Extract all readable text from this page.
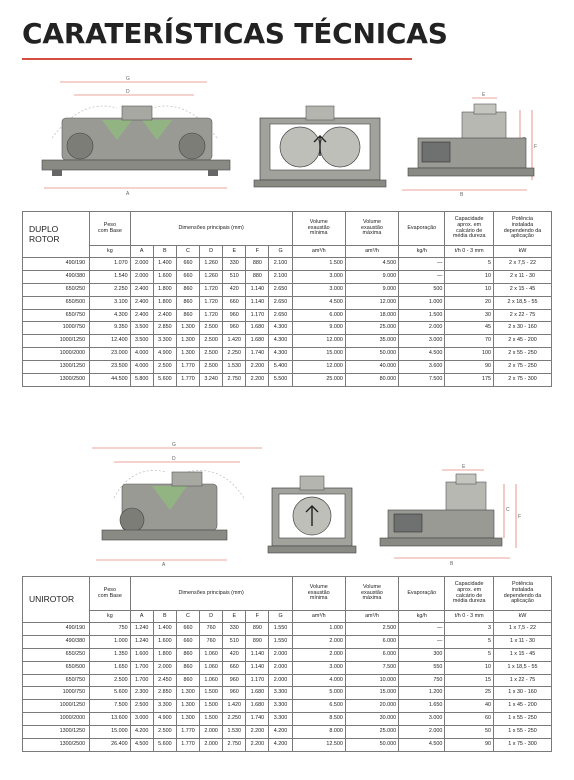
CARATERÍSTICAS TÉCNICAS
G
D
A
E
F
B
DUPLO
ROTOR	Peso
com Base	Dimensões principais (mm)							Volume
exaustão
mínima	Volume
exaustão
máxima	Evaporação	Capacidade
aprox. em
calcário de
média dureza	Potência
instalada
dependendo da
aplicação
	kg	A	B	C	D	E	F	G	am³/h	am³/h	kg/h	t/h 0 - 3 mm	kW
490/190	1.070	2.000	1.400	660	1.260	330	880	2.100	1.500	4.500	—	5	2 x 7,5 - 22
490/380	1.540	2.000	1.600	660	1.260	510	880	2.100	3.000	9.000	—	10	2 x 11 - 30
650/250	2.250	2.400	1.800	860	1.720	420	1.140	2.650	3.000	9.000	500	10	2 x 15 - 45
650/500	3.100	2.400	1.800	860	1.720	660	1.140	2.650	4.500	12.000	1.000	20	2 x 18,5 - 55
650/750	4.300	2.400	2.400	860	1.720	960	1.170	2.650	6.000	18.000	1.500	30	2 x 22 - 75
1000/750	9.350	3.500	2.850	1.300	2.500	960	1.680	4.300	9.000	25.000	2.000	45	2 x 30 - 160
1000/1250	12.400	3.500	3.300	1.300	2.500	1.420	1.680	4.300	12.000	35.000	3.000	70	2 x 45 - 200
1000/2000	23.000	4.000	4.900	1.300	2.500	2.250	1.740	4.300	15.000	50.000	4.500	100	2 x 55 - 250
1300/1250	23.500	4.000	2.500	1.770	2.500	1.530	2.200	5.400	12.000	40.000	3.600	90	2 x 75 - 250
1300/2500	44.500	5.800	5.600	1.770	3.240	2.750	2.200	5.500	25.000	80.000	7.500	175	2 x 75 - 300
G
D
A
E
C
F
B
UNIROTOR	Peso
com Base	Dimensões principais (mm)							Volume
exaustão
mínima	Volume
exaustão
máxima	Evaporação	Capacidade
aprox. em
calcário de
média dureza	Potência
instalada
dependendo da
aplicação
	kg	A	B	C	D	E	F	G	am³/h	am³/h	kg/h	t/h 0 - 3 mm	kW
490/190	750	1.240	1.400	660	760	330	890	1.550	1.000	2.500	—	3	1 x 7,5 - 22
490/380	1.000	1.240	1.600	660	760	510	890	1.550	2.000	6.000	—	5	1 x 11 - 30
650/250	1.350	1.600	1.800	860	1.060	420	1.140	2.000	2.000	6.000	300	5	1 x 15 - 45
650/500	1.650	1.700	2.000	860	1.060	660	1.140	2.000	3.000	7.500	550	10	1 x 18,5 - 55
650/750	2.500	1.700	2.450	860	1.060	960	1.170	2.000	4.000	10.000	750	15	1 x 22 - 75
1000/750	5.600	2.300	2.850	1.300	1.500	960	1.680	3.300	5.000	15.000	1.200	25	1 x 30 - 160
1000/1250	7.500	2.500	3.300	1.300	1.500	1.420	1.680	3.300	6.500	20.000	1.650	40	1 x 45 - 200
1000/2000	13.600	3.000	4.900	1.300	1.500	2.250	1.740	3.300	8.500	30.000	3.000	60	1 x 55 - 250
1300/1250	15.000	4.200	2.500	1.770	2.000	1.530	2.200	4.200	8.000	25.000	2.000	50	1 x 55 - 250
1300/2500	26.400	4.500	5.600	1.770	2.000	2.750	2.200	4.200	12.500	50.000	4.500	90	1 x 75 - 300
